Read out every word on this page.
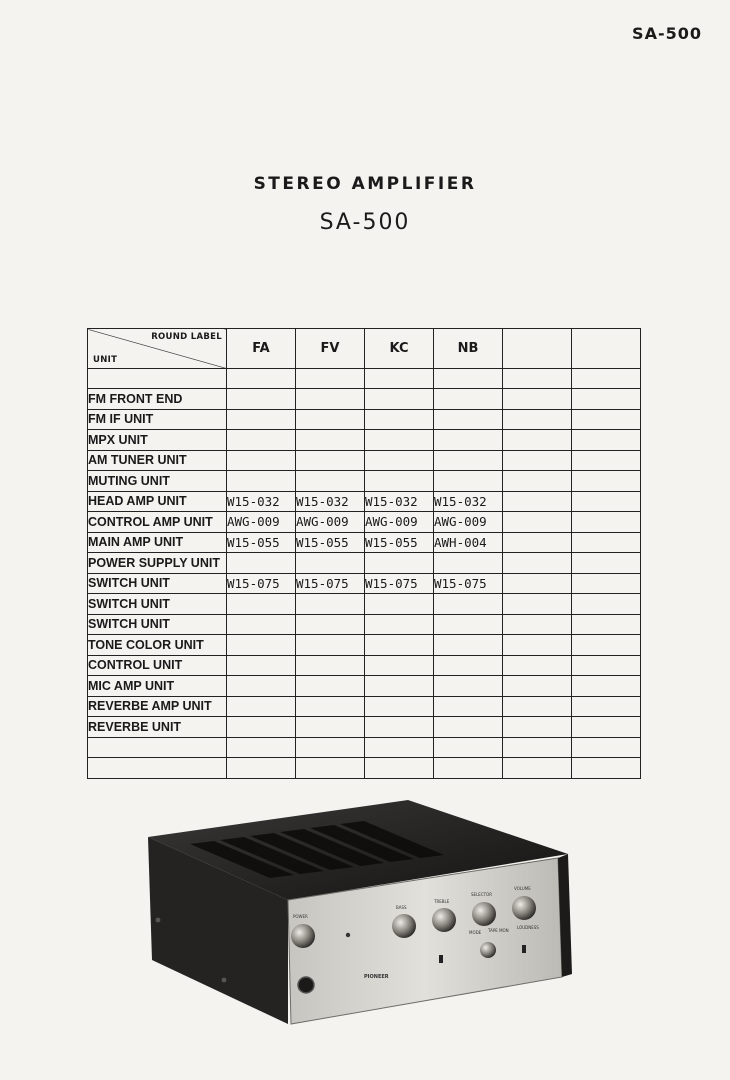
SA-500
STEREO AMPLIFIER
SA-500
ROUND LABEL
UNIT	FA	FV	KC	NB		

FM FRONT END						
FM IF UNIT						
MPX UNIT						
AM TUNER UNIT						
MUTING UNIT						
HEAD AMP UNIT	W15-032	W15-032	W15-032	W15-032		
CONTROL AMP UNIT	AWG-009	AWG-009	AWG-009	AWG-009		
MAIN AMP UNIT	W15-055	W15-055	W15-055	AWH-004		
POWER SUPPLY UNIT						
SWITCH UNIT	W15-075	W15-075	W15-075	W15-075		
SWITCH UNIT						
SWITCH UNIT						
TONE COLOR UNIT						
CONTROL UNIT						
MIC AMP UNIT						
REVERBE AMP UNIT						
REVERBE UNIT						

POWER
BASS
TREBLE
SELECTOR
VOLUME
MODE TAPE MON
LOUDNESS
PIONEER
